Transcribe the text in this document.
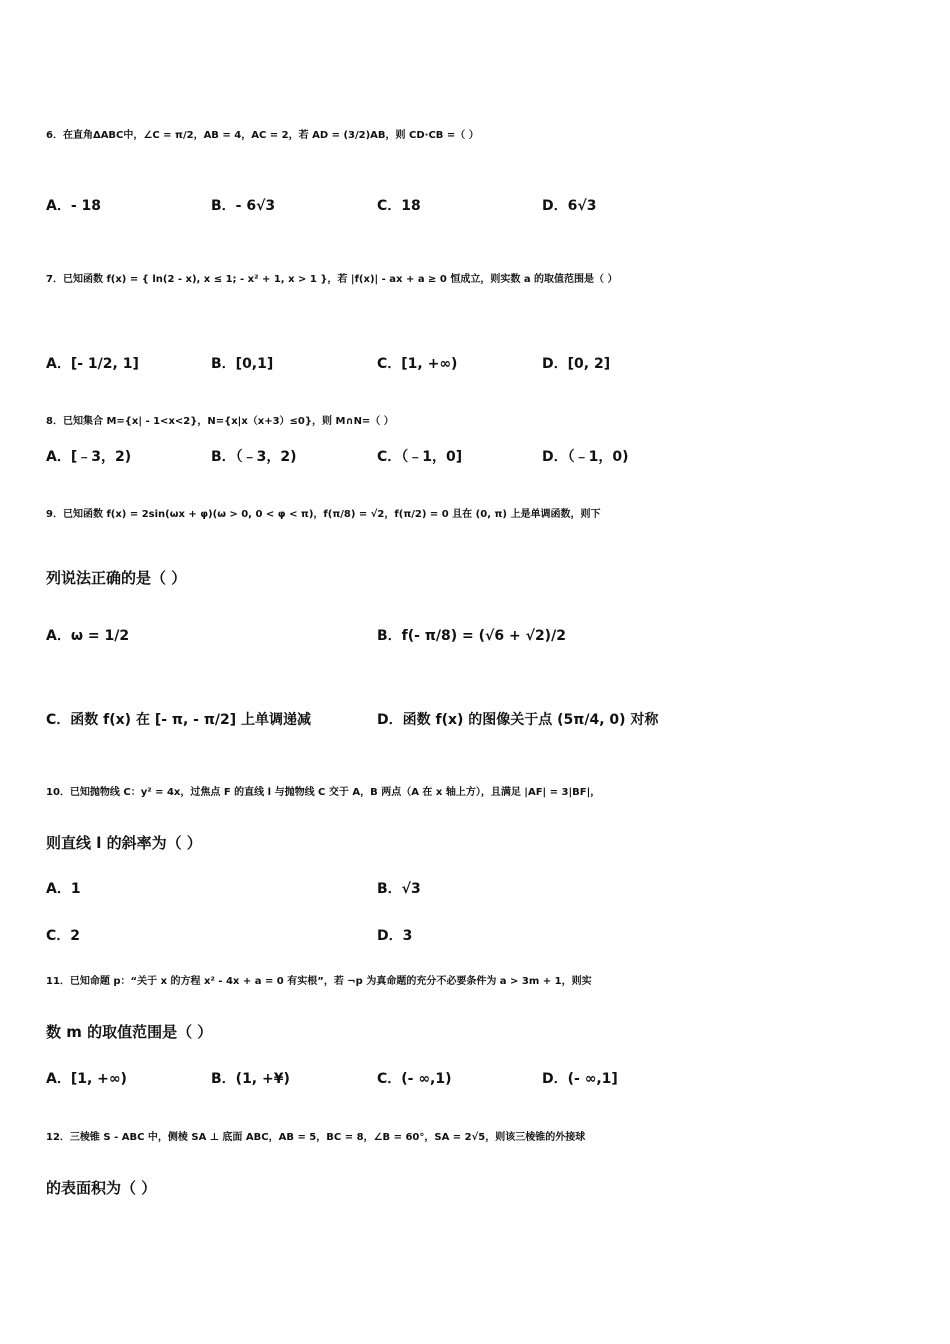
6．在直角ΔABC中，∠C = π/2，AB = 4，AC = 2，若 AD = (3/2)AB，则 CD·CB =（ ）
A．- 18	B．- 6√3	C．18	D．6√3
7．已知函数 f(x) = { ln(2 - x), x ≤ 1; - x² + 1, x > 1 }，若 |f(x)| - ax + a ≥ 0 恒成立，则实数 a 的取值范围是（ ）
A．[- 1/2, 1]	B．[0,1]	C．[1, +∞)	D．[0, 2]
8．已知集合 M={x| - 1<x<2}，N={x|x（x+3）≤0}，则 M∩N=（ ）
A．[﹣3，2)	B．（﹣3，2)	C．（﹣1，0]	D．（﹣1，0)
9．已知函数 f(x) = 2sin(ωx + φ)(ω > 0, 0 < φ < π)，f(π/8) = √2，f(π/2) = 0 且在 (0, π) 上是单调函数，则下
列说法正确的是（ ）
A．ω = 1/2	B．f(- π/8) = (√6 + √2)/2
C．函数 f(x) 在 [- π, - π/2] 上单调递减	D．函数 f(x) 的图像关于点 (5π/4, 0) 对称
10．已知抛物线 C：y² = 4x，过焦点 F 的直线 l 与抛物线 C 交于 A，B 两点（A 在 x 轴上方），且满足 |AF| = 3|BF|，
则直线 l 的斜率为（ ）
A．1	B．√3
C．2	D．3
11．已知命题 p：“关于 x 的方程 x² - 4x + a = 0 有实根”，若 ¬p 为真命题的充分不必要条件为 a > 3m + 1，则实
数 m 的取值范围是（ ）
A．[1, +∞)	B．(1, +¥)	C．(- ∞,1)	D．(- ∞,1]
12．三棱锥 S - ABC 中，侧棱 SA ⊥ 底面 ABC，AB = 5，BC = 8，∠B = 60°，SA = 2√5，则该三棱锥的外接球
的表面积为（ ）
